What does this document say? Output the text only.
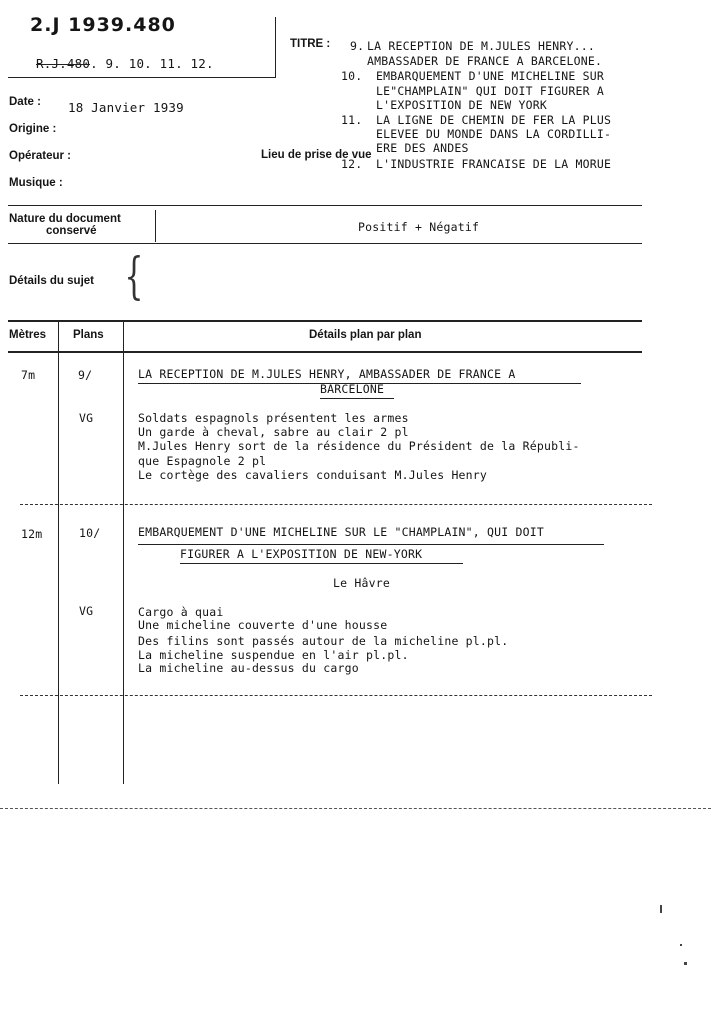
2.J 1939.480
R.J.480. 9. 10. 11. 12.
TITRE : 9. LA RECEPTION DE M.JULES HENRY...
AMBASSADER DE FRANCE A BARCELONE.
10. EMBARQUEMENT D'UNE MICHELINE SUR
LE"CHAMPLAIN" QUI DOIT FIGURER A
L'EXPOSITION DE NEW YORK
11. LA LIGNE DE CHEMIN DE FER LA PLUS
ELEVEE DU MONDE DANS LA CORDILLI-
ERE DES ANDES
12. L'INDUSTRIE FRANCAISE DE LA MORUE
Date : 18 Janvier 1939
Origine :
Opérateur :	Lieu de prise de vue
Musique :
Nature du document
conservé	Positif + Négatif
Détails du sujet {
Mètres Plans	Détails plan par plan
7m	9/	LA RECEPTION DE M.JULES HENRY, AMBASSADER DE FRANCE A
BARCELONE
VG	Soldats espagnols présentent les armes
Un garde à cheval, sabre au clair 2 pl
M.Jules Henry sort de la résidence du Président de la Républi-
que Espagnole 2 pl
Le cortège des cavaliers conduisant M.Jules Henry
12m	10/	EMBARQUEMENT D'UNE MICHELINE SUR LE "CHAMPLAIN", QUI DOIT
FIGURER A L'EXPOSITION DE NEW-YORK
Le Hâvre
VG	Cargo à quai
Une micheline couverte d'une housse
Des filins sont passés autour de la micheline pl.pl.
La micheline suspendue en l'air pl.pl.
La micheline au-dessus du cargo
